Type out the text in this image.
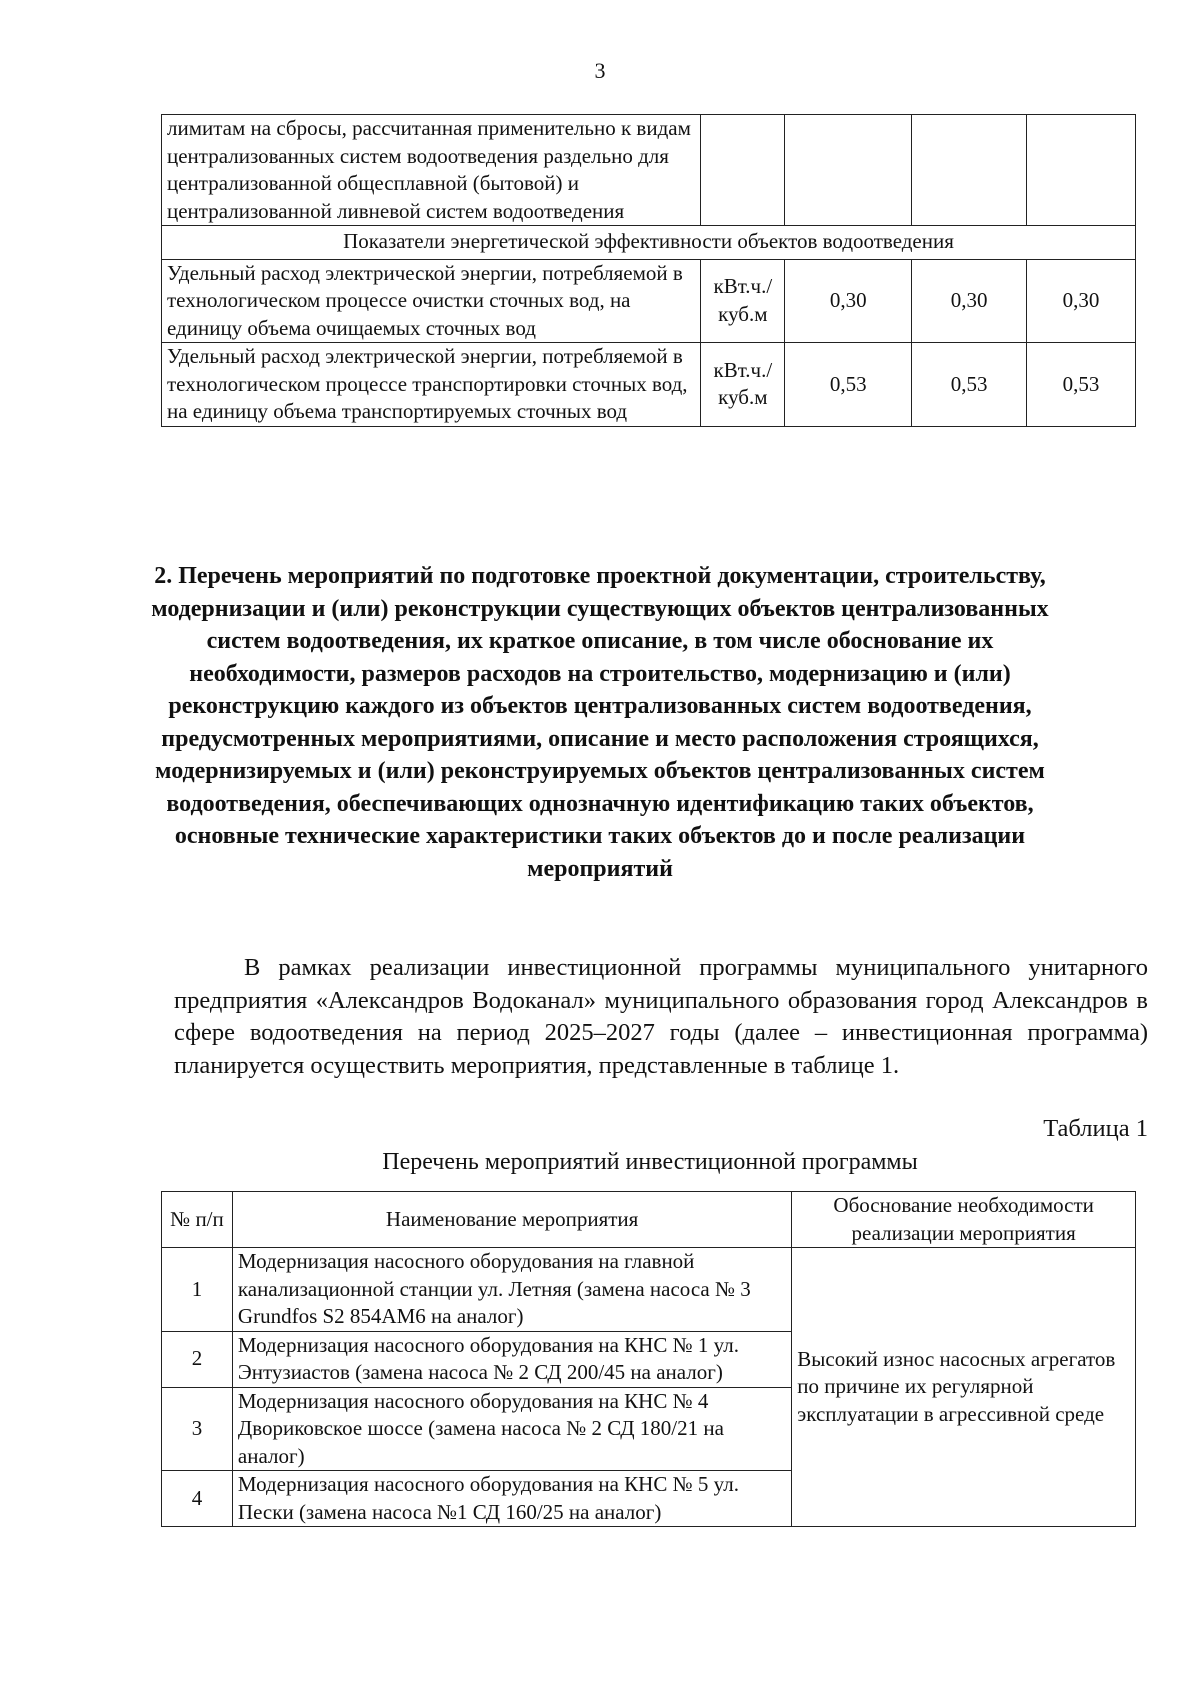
3
лимитам на сбросы, рассчитанная применительно к видам централизованных систем водоотведения раздельно для централизованной общесплавной (бытовой) и централизованной ливневой систем водоотведения				
Показатели энергетической эффективности объектов водоотведения				
Удельный расход электрической энергии, потребляемой в технологическом процессе очистки сточных вод, на единицу объема очищаемых сточных вод	кВт.ч./ куб.м	0,30	0,30	0,30
Удельный расход электрической энергии, потребляемой в технологическом процессе транспортировки сточных вод, на единицу объема транспортируемых сточных вод	кВт.ч./ куб.м	0,53	0,53	0,53

2. Перечень мероприятий по подготовке проектной документации, строительству, модернизации и (или) реконструкции существующих объектов централизованных систем водоотведения, их краткое описание, в том числе обоснование их необходимости, размеров расходов на строительство, модернизацию и (или) реконструкцию каждого из объектов централизованных систем водоотведения, предусмотренных мероприятиями, описание и место расположения строящихся, модернизируемых и (или) реконструируемых объектов централизованных систем водоотведения, обеспечивающих однозначную идентификацию таких объектов, основные технические характеристики таких объектов до и после реализации мероприятий

В рамках реализации инвестиционной программы муниципального унитарного предприятия «Александров Водоканал» муниципального образования город Александров в сфере водоотведения на период 2025–2027 годы (далее – инвестиционная программа) планируется осуществить мероприятия, представленные в таблице 1.

Таблица 1
Перечень мероприятий инвестиционной программы
№ п/п	Наименование мероприятия	Обоснование необходимости реализации мероприятия
1	Модернизация насосного оборудования на главной канализационной станции ул. Летняя (замена насоса № 3 Grundfos S2 854AM6 на аналог)	Высокий износ насосных агрегатов по причине их регулярной эксплуатации в агрессивной среде
2	Модернизация насосного оборудования на КНС № 1 ул. Энтузиастов (замена насоса № 2 СД 200/45 на аналог)	
3	Модернизация насосного оборудования на КНС № 4 Двориковское шоссе (замена насоса № 2 СД 180/21 на аналог)	
4	Модернизация насосного оборудования на КНС № 5 ул. Пески (замена насоса №1 СД 160/25 на аналог)	
